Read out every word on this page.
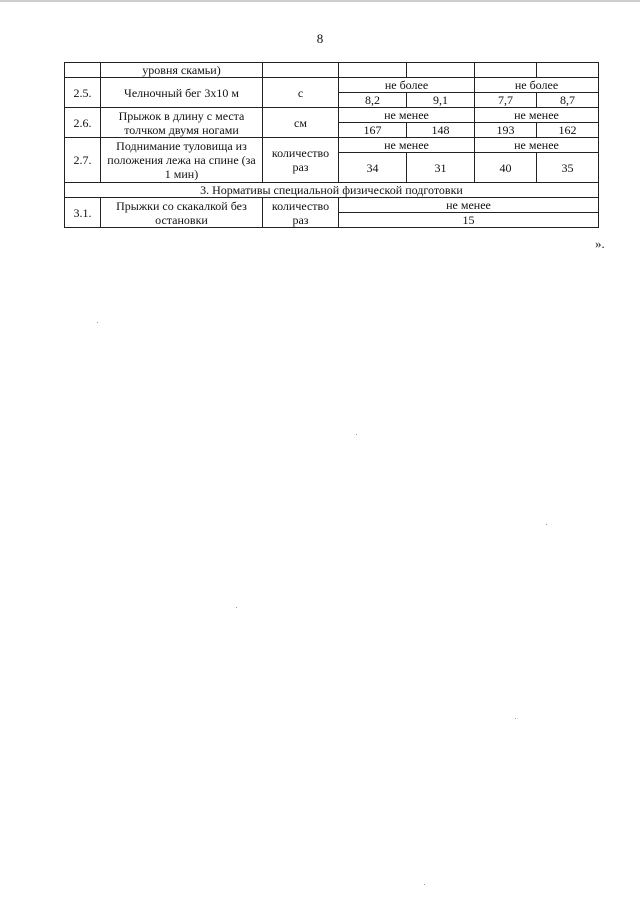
8
	уровня скамьи)					
2.5.	Челночный бег 3х10 м	с	не более		не более	
			8,2	9,1	7,7	8,7
2.6.	Прыжок в длину с места толчком двумя ногами	см	не менее		не менее	
			167	148	193	162
2.7.	Поднимание туловища из положения лежа на спине (за 1 мин)	количество раз	не менее		не менее	
			34	31	40	35
3. Нормативы специальной физической подготовки						
3.1.	Прыжки со скакалкой без остановки	количество раз	не менее			
			15			
».
